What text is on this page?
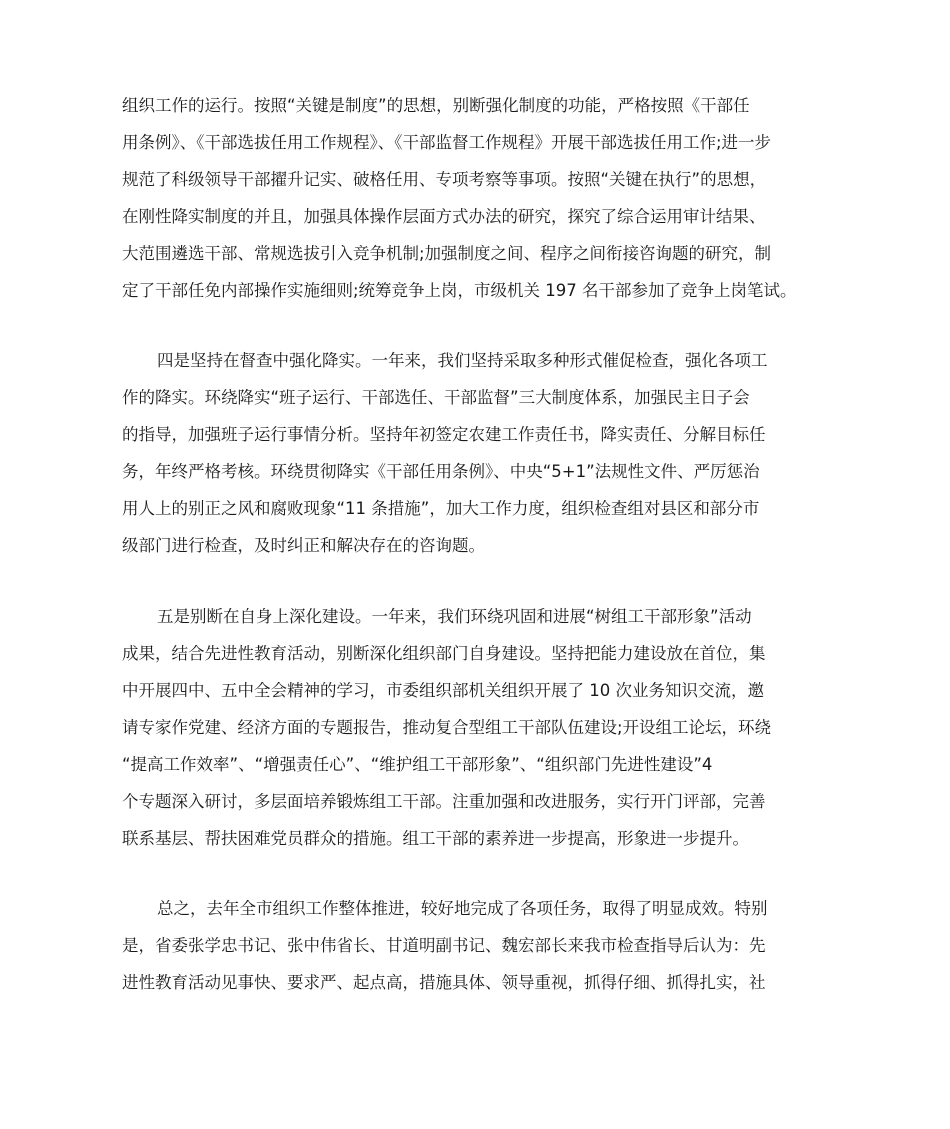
组织工作的运行。按照“关键是制度”的思想，别断强化制度的功能，严格按照《干部任
用条例》、《干部选拔任用工作规程》、《干部监督工作规程》开展干部选拔任用工作;进一步
规范了科级领导干部擢升记实、破格任用、专项考察等事项。按照“关键在执行”的思想，
在刚性降实制度的并且，加强具体操作层面方式办法的研究，探究了综合运用审计结果、
大范围遴选干部、常规选拔引入竞争机制;加强制度之间、程序之间衔接咨询题的研究，制
定了干部任免内部操作实施细则;统筹竞争上岗，市级机关 197 名干部参加了竞争上岗笔试。
四是坚持在督查中强化降实。一年来，我们坚持采取多种形式催促检查，强化各项工
作的降实。环绕降实“班子运行、干部选任、干部监督”三大制度体系，加强民主日子会
的指导，加强班子运行事情分析。坚持年初签定农建工作责任书，降实责任、分解目标任
务，年终严格考核。环绕贯彻降实《干部任用条例》、中央“5+1”法规性文件、严厉惩治
用人上的别正之风和腐败现象“11 条措施”，加大工作力度，组织检查组对县区和部分市
级部门进行检查，及时纠正和解决存在的咨询题。
五是别断在自身上深化建设。一年来，我们环绕巩固和进展“树组工干部形象”活动
成果，结合先进性教育活动，别断深化组织部门自身建设。坚持把能力建设放在首位，集
中开展四中、五中全会精神的学习，市委组织部机关组织开展了 10 次业务知识交流，邀
请专家作党建、经济方面的专题报告，推动复合型组工干部队伍建设;开设组工论坛，环绕
“提高工作效率”、“增强责任心”、“维护组工干部形象”、“组织部门先进性建设”4
个专题深入研讨，多层面培养锻炼组工干部。注重加强和改进服务，实行开门评部，完善
联系基层、帮扶困难党员群众的措施。组工干部的素养进一步提高，形象进一步提升。
总之，去年全市组织工作整体推进，较好地完成了各项任务，取得了明显成效。特别
是，省委张学忠书记、张中伟省长、甘道明副书记、魏宏部长来我市检查指导后认为：先
进性教育活动见事快、要求严、起点高，措施具体、领导重视，抓得仔细、抓得扎实，社
